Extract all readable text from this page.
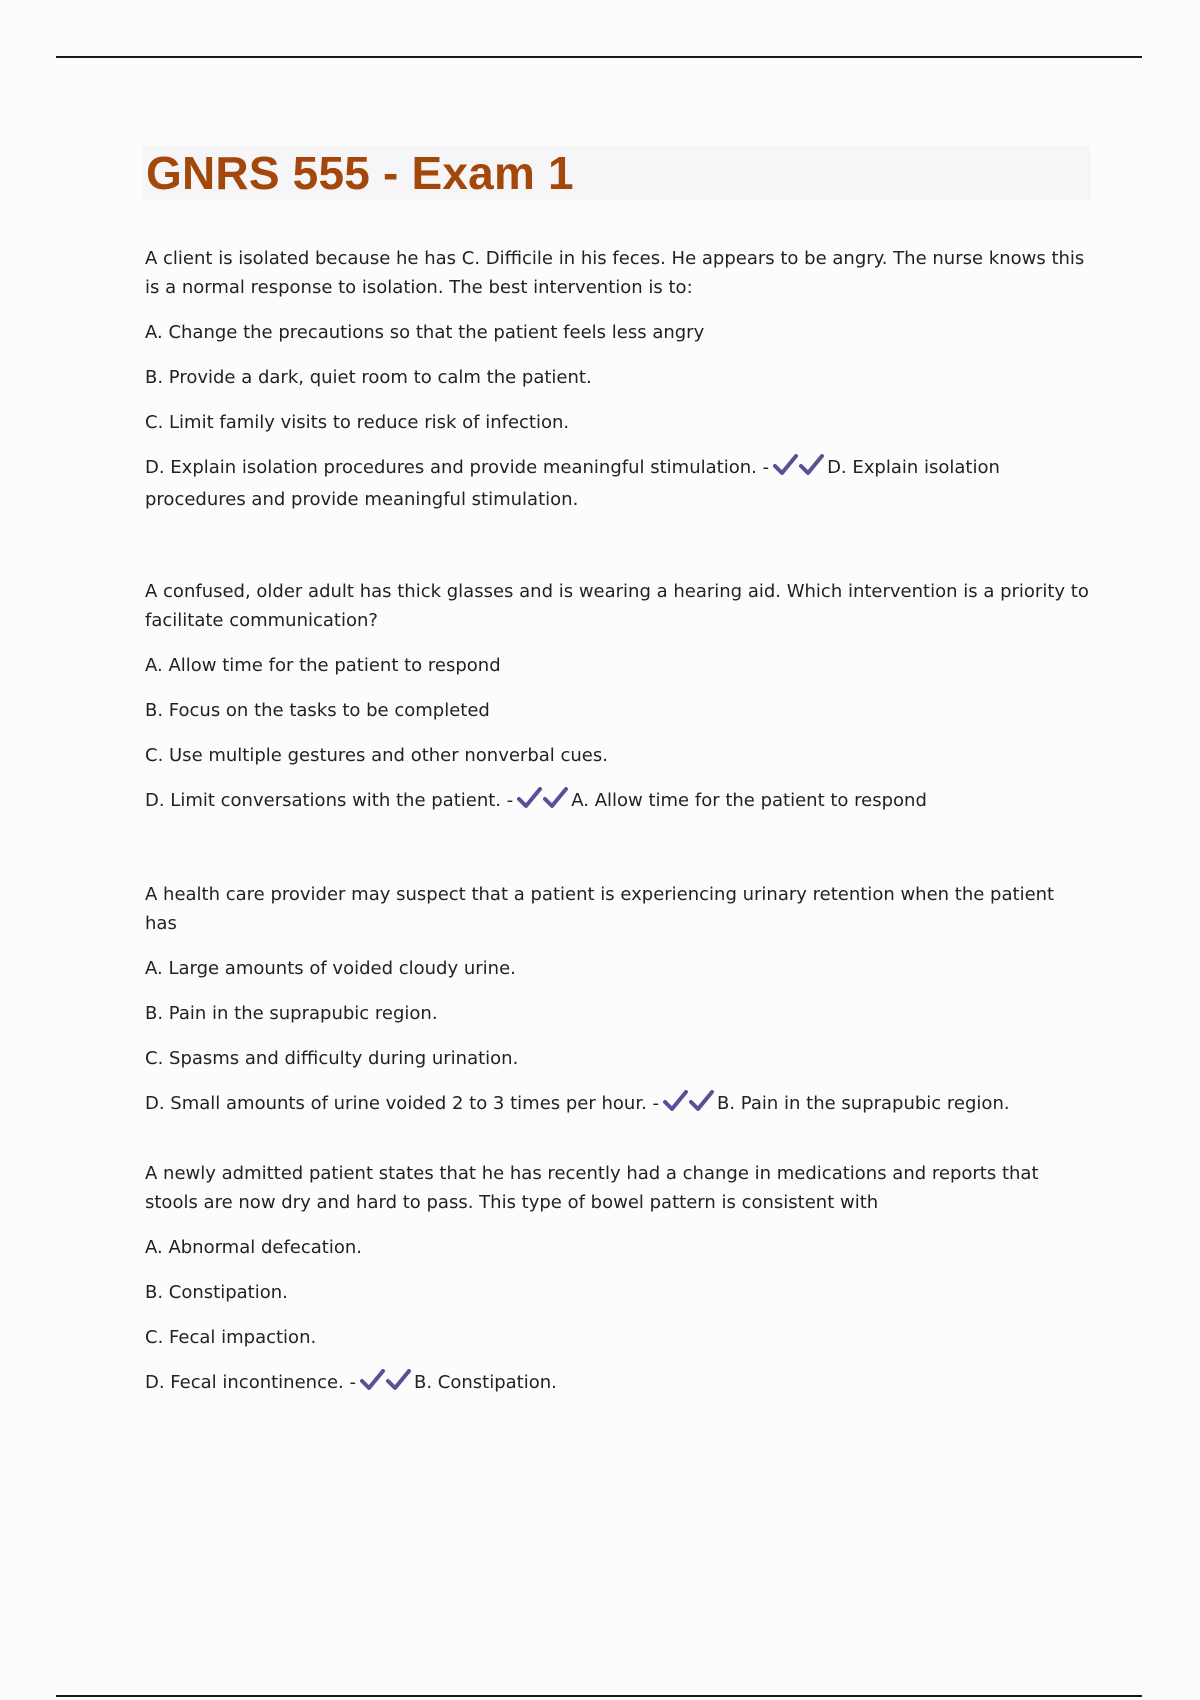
GNRS 555 - Exam 1

A client is isolated because he has C. Difficile in his feces. He appears to be angry. The nurse knows this is a normal response to isolation. The best intervention is to:

A. Change the precautions so that the patient feels less angry

B. Provide a dark, quiet room to calm the patient.

C. Limit family visits to reduce risk of infection.

D. Explain isolation procedures and provide meaningful stimulation. -	D. Explain isolation procedures and provide meaningful stimulation.

A confused, older adult has thick glasses and is wearing a hearing aid. Which intervention is a priority to facilitate communication?

A. Allow time for the patient to respond

B. Focus on the tasks to be completed

C. Use multiple gestures and other nonverbal cues.

D. Limit conversations with the patient. -	A. Allow time for the patient to respond

A health care provider may suspect that a patient is experiencing urinary retention when the patient has

A. Large amounts of voided cloudy urine.

B. Pain in the suprapubic region.

C. Spasms and difficulty during urination.

D. Small amounts of urine voided 2 to 3 times per hour. -	B. Pain in the suprapubic region.

A newly admitted patient states that he has recently had a change in medications and reports that stools are now dry and hard to pass. This type of bowel pattern is consistent with

A. Abnormal defecation.

B. Constipation.

C. Fecal impaction.

D. Fecal incontinence. -	B. Constipation.
